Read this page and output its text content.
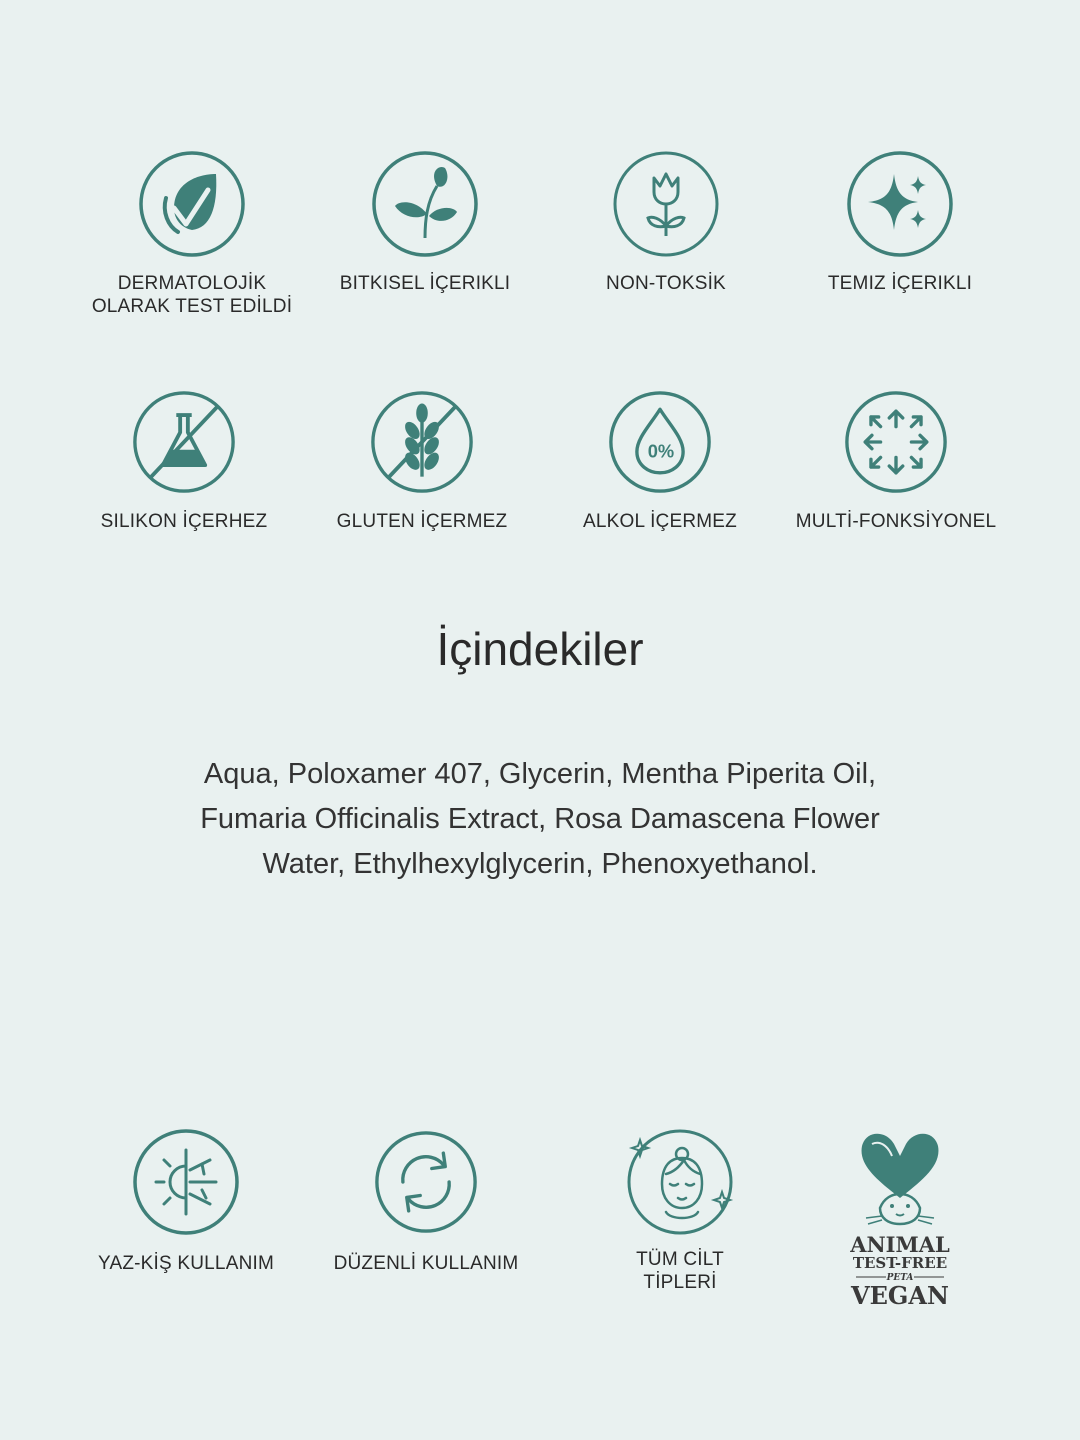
DERMATOLOJİK
OLARAK TEST EDİLDİ
BITKISEL İÇERIKLI	NON-TOKSİK	TEMIZ İÇERIKLI
SILIKON İÇERHEZ	GLUTEN İÇERMEZ
0%
ALKOL İÇERMEZ	MULTİ-FONKSİYONEL
İçindekiler

Aqua, Poloxamer 407, Glycerin, Mentha Piperita Oil, Fumaria Officinalis Extract, Rosa Damascena Flower Water, Ethylhexylglycerin, Phenoxyethanol.

YAZ-KİŞ KULLANIM	DÜZENLİ KULLANIM	TÜM CİLT
TİPLERİ
ANIMAL
TEST-FREE
PETA
VEGAN
